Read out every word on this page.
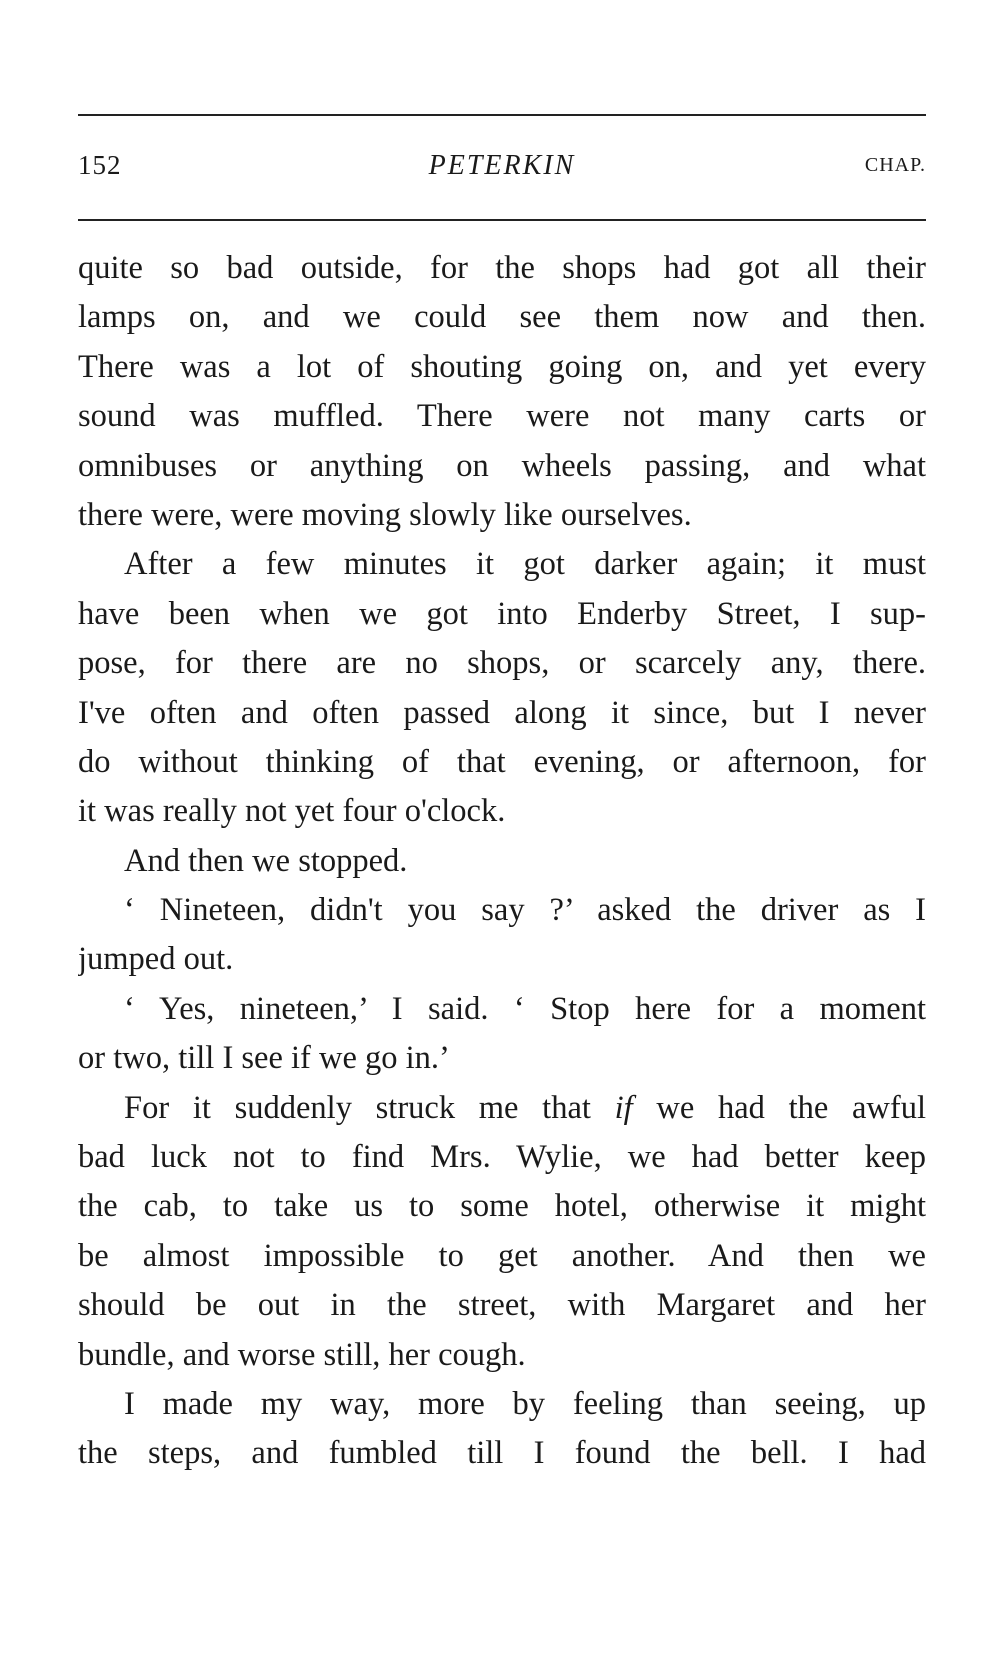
152	PETERKIN	CHAP.
quite so bad outside, for the shops had got all their
lamps on, and we could see them now and then.
There was a lot of shouting going on, and yet every
sound was muffled. There were not many carts or
omnibuses or anything on wheels passing, and what
there were, were moving slowly like ourselves.
After a few minutes it got darker again; it must
have been when we got into Enderby Street, I sup-
pose, for there are no shops, or scarcely any, there.
I've often and often passed along it since, but I never
do without thinking of that evening, or afternoon, for
it was really not yet four o'clock.
And then we stopped.
‘ Nineteen, didn't you say ?’ asked the driver as I
jumped out.
‘ Yes, nineteen,’ I said. ‘ Stop here for a moment
or two, till I see if we go in.’
For it suddenly struck me that if we had the awful
bad luck not to find Mrs. Wylie, we had better keep
the cab, to take us to some hotel, otherwise it might
be almost impossible to get another. And then we
should be out in the street, with Margaret and her
bundle, and worse still, her cough.
I made my way, more by feeling than seeing, up
the steps, and fumbled till I found the bell. I had
